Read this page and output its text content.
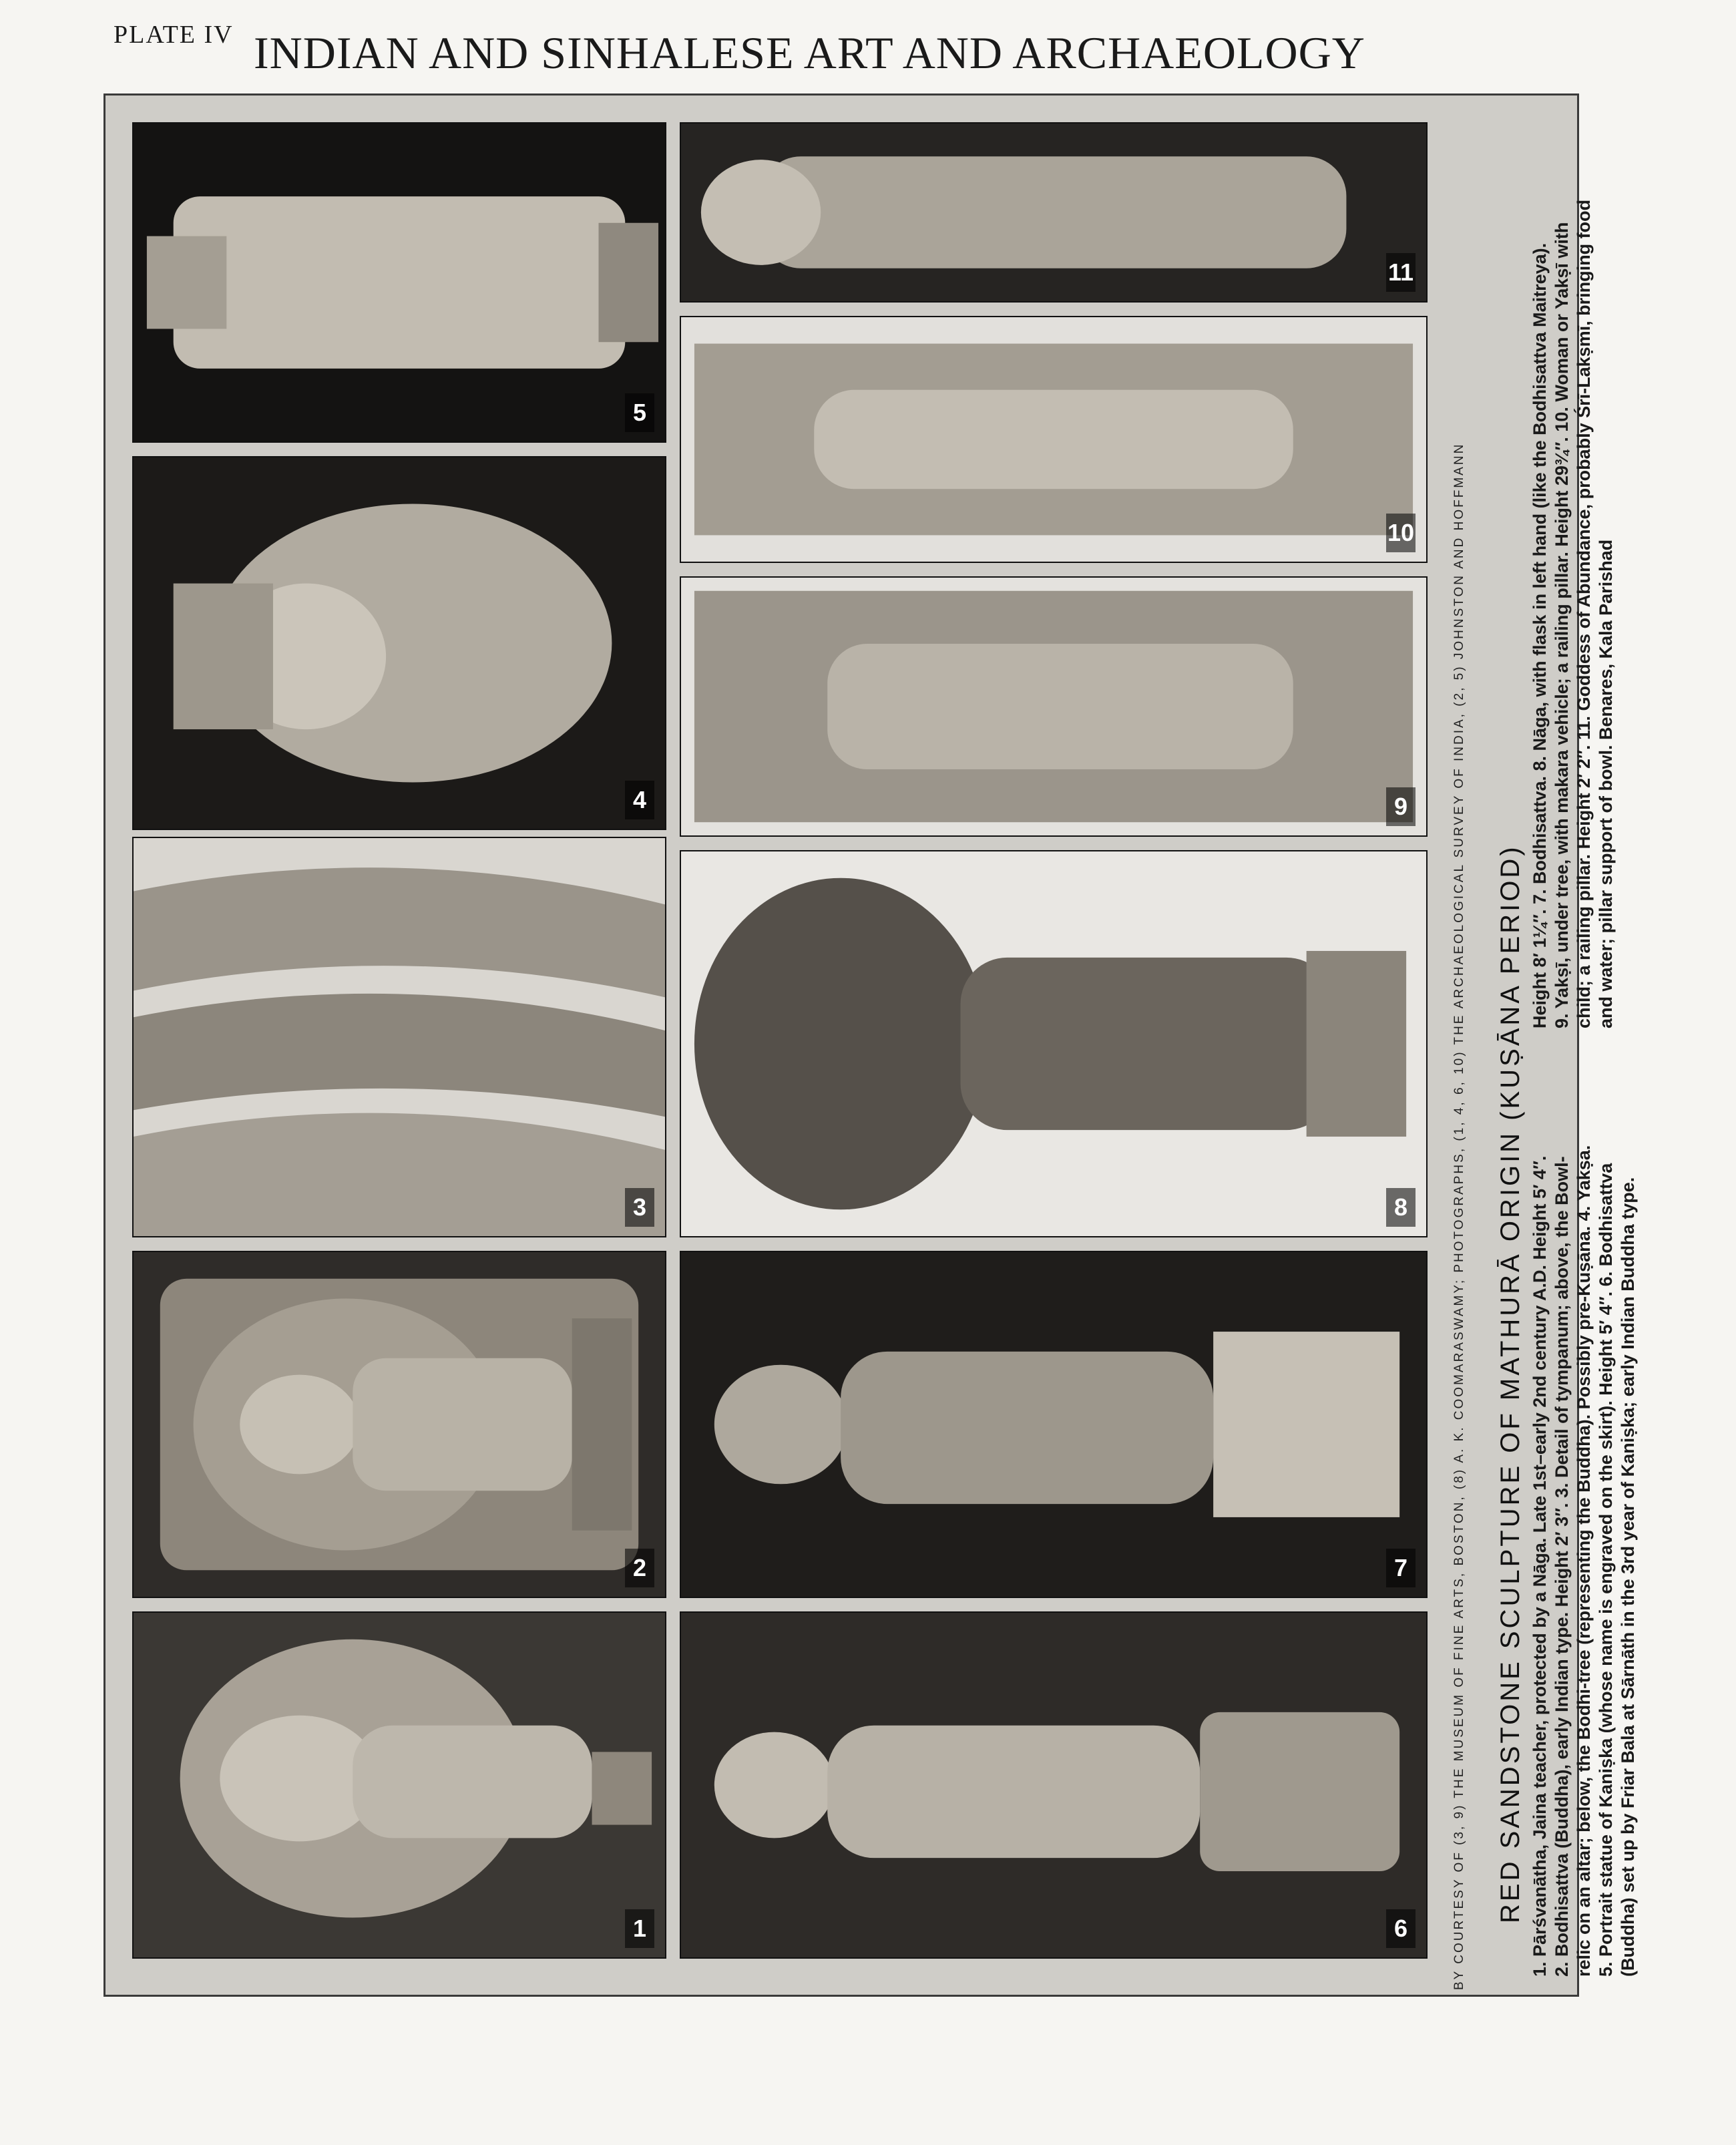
PLATE IV INDIAN AND SINHALESE ART AND ARCHAEOLOGY
1
2
3
4
5
6
7
8
9
10
11
BY COURTESY OF (3, 9) THE MUSEUM OF FINE ARTS, BOSTON, (8) A. K. COOMARASWAMY; PHOTOGRAPHS, (1, 4, 6, 10) THE ARCHAEOLOGICAL SURVEY OF INDIA, (2, 5) JOHNSTON AND HOFFMANN RED SANDSTONE SCULPTURE OF MATHURĀ ORIGIN (KUṢĀNA PERIOD) 1. Pārśvanātha, Jaina teacher, protected by a Nāga. Late 1st–early 2nd century A.D. Height 5′ 4″. 2. Bodhisattva (Buddha), early Indian type. Height 2′ 3″. 3. Detail of tympanum; above, the Bowl- relic on an altar; below, the Bodhi-tree (representing the Buddha). Possibly pre-Kuṣāna. 4. Yakṣa. 5. Portrait statue of Kaniṣka (whose name is engraved on the skirt). Height 5′ 4″. 6. Bodhisattva (Buddha) set up by Friar Bala at Sārnāth in the 3rd year of Kaniṣka; early Indian Buddha type.

Height 8′ 1¼″. 7. Bodhisattva. 8. Nāga, with flask in left hand (like the Bodhisattva Maitreya). 9. Yakṣī, under tree, with makara vehicle; a railing pillar. Height 29¾″. 10. Woman or Yakṣī with child; a railing pillar. Height 2′ 2″. 11. Goddess of Abundance, probably Śrī-Lakṣmī, bringing food and water; pillar support of bowl. Benares, Kala Parishad
